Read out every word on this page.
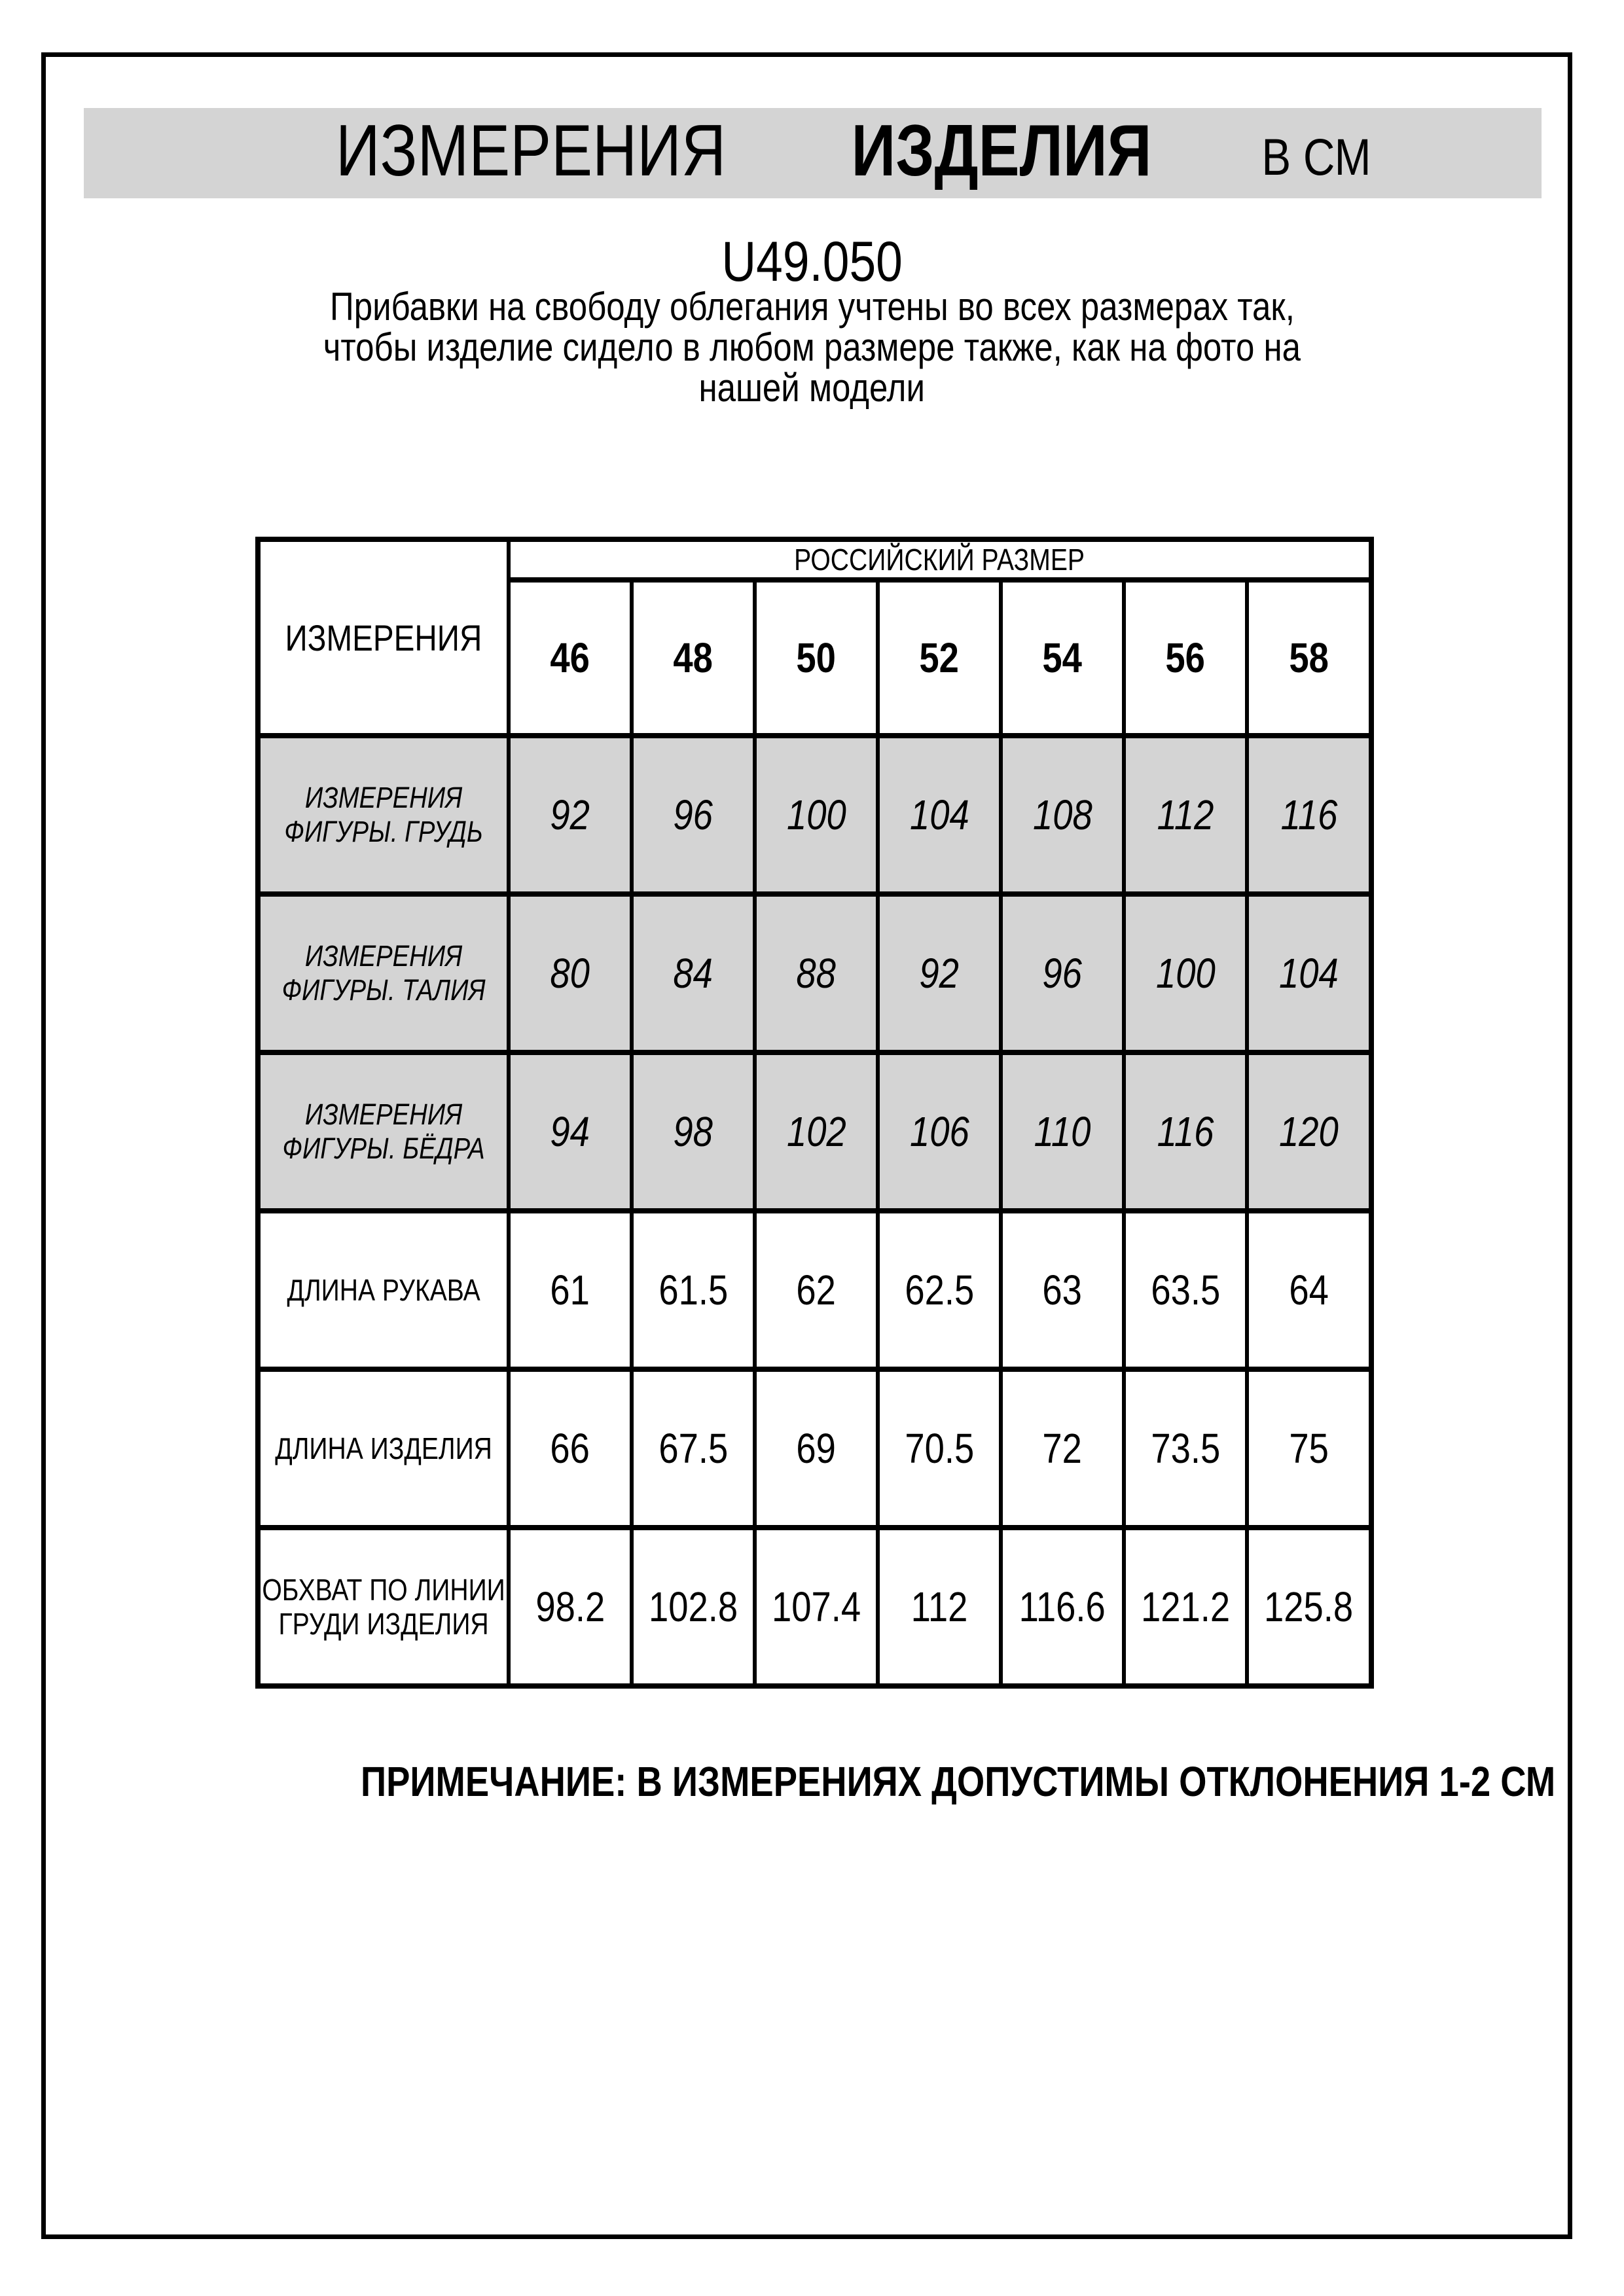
ИЗМЕРЕНИЯ ИЗДЕЛИЯ В СМ
U49.050
Прибавки на свободу облегания учтены во всех размерах так,
чтобы изделие сидело в любом размере также, как на фото на
нашей модели
ИЗМЕРЕНИЯ	РОССИЙСКИЙ РАЗМЕР						
	46	48	50	52	54	56	58
ИЗМЕРЕНИЯ ФИГУРЫ. ГРУДЬ	92	96	100	104	108	112	116
ИЗМЕРЕНИЯ ФИГУРЫ. ТАЛИЯ	80	84	88	92	96	100	104
ИЗМЕРЕНИЯ ФИГУРЫ. БЁДРА	94	98	102	106	110	116	120
ДЛИНА РУКАВА	61	61.5	62	62.5	63	63.5	64
ДЛИНА ИЗДЕЛИЯ	66	67.5	69	70.5	72	73.5	75
ОБХВАТ ПО ЛИНИИ ГРУДИ ИЗДЕЛИЯ	98.2	102.8	107.4	112	116.6	121.2	125.8
ПРИМЕЧАНИЕ: В ИЗМЕРЕНИЯХ ДОПУСТИМЫ ОТКЛОНЕНИЯ 1-2 СМ
